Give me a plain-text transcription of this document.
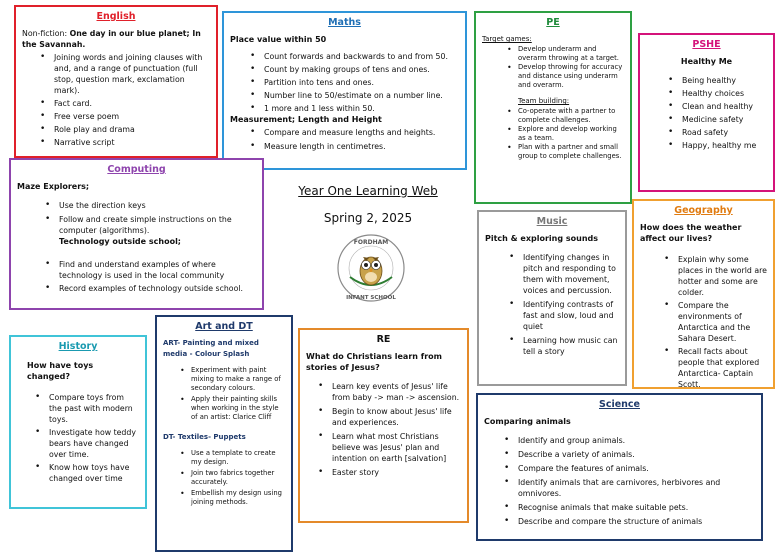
English
Non-fiction: One day in our blue planet; In the Savannah.
• Joining words and joining clauses with and, and a range of punctuation (full stop, question mark, exclamation mark).
• Fact card.
• Free verse poem
• Role play and drama
• Narrative script
Maths
Place value within 50
• Count forwards and backwards to and from 50.
• Count by making groups of tens and ones.
• Partition into tens and ones.
• Number line to 50/estimate on a number line.
• 1 more and 1 less within 50.
Measurement; Length and Height
• Compare and measure lengths and heights.
• Measure length in centimetres.
PE
Target games:
• Develop underarm and overarm throwing at a target.
• Develop throwing for accuracy and distance using underarm and overarm.
Team building:
• Co-operate with a partner to complete challenges.
• Explore and develop working as a team.
• Plan with a partner and small group to complete challenges.
PSHE
Healthy Me
• Being healthy
• Healthy choices
• Clean and healthy
• Medicine safety
• Road safety
• Happy, healthy me
Computing
Maze Explorers;
• Use the direction keys
• Follow and create simple instructions on the computer (algorithms).
Technology outside school;
• Find and understand examples of where technology is used in the local community
• Record examples of technology outside school.
Year One Learning Web
Spring 2, 2025
FORDHAM
INFANT SCHOOL
Music
Pitch & exploring sounds
• Identifying changes in pitch and responding to them with movement, voices and percussion.
• Identifying contrasts of fast and slow, loud and quiet
• Learning how music can tell a story
Geography
How does the weather affect our lives?
• Explain why some places in the world are hotter and some are colder.
• Compare the environments of Antarctica and the Sahara Desert.
• Recall facts about people that explored Antarctica- Captain Scott.
History
How have toys changed?
• Compare toys from the past with modern toys.
• Investigate how teddy bears have changed over time.
• Know how toys have changed over time
Art and DT
ART- Painting and mixed media - Colour Splash
• Experiment with paint mixing to make a range of secondary colours.
• Apply their painting skills when working in the style of an artist: Clarice Cliff
DT- Textiles- Puppets
• Use a template to create my design.
• Join two fabrics together accurately.
• Embellish my design using joining methods.
RE
What do Christians learn from stories of Jesus?
• Learn key events of Jesus' life from baby -> man -> ascension.
• Begin to know about Jesus' life and experiences.
• Learn what most Christians believe was Jesus' plan and intention on earth [salvation]
• Easter story
Science
Comparing animals
• Identify and group animals.
• Describe a variety of animals.
• Compare the features of animals.
• Identify animals that are carnivores, herbivores and omnivores.
• Recognise animals that make suitable pets.
• Describe and compare the structure of animals
